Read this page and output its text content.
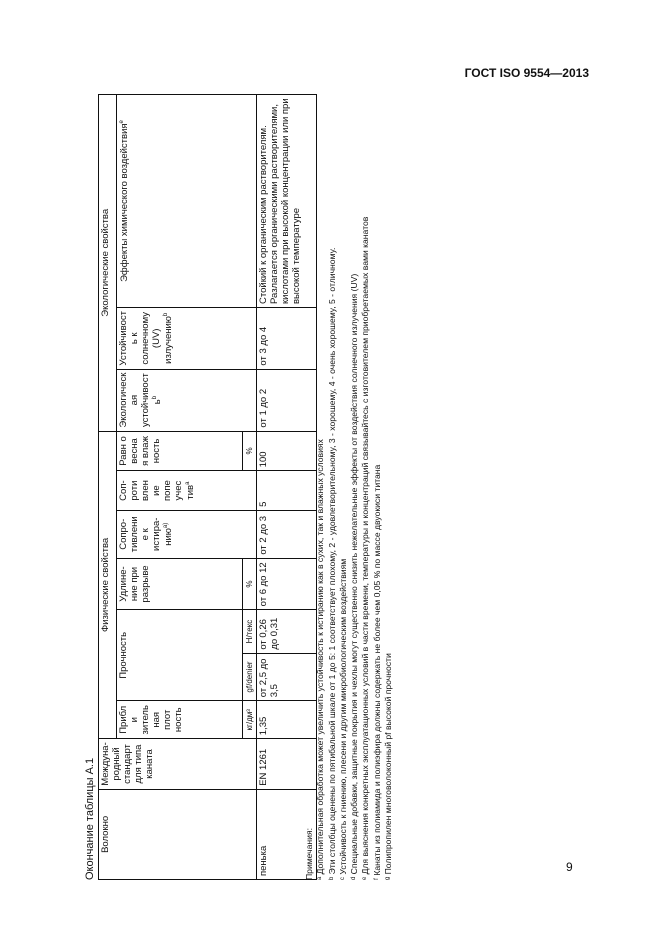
ГОСТ ISO 9554—2013
Окончание таблицы А.1 Волокно	Междуна-родный стандарт для типа каната	Физические свойства							Экологические свойства		
		Прибл и зитель ная плот ность	Прочность		Удлине-ние при разрыве	Сопро-тивлени е к истира-нию$^{a)}$	Соп-роти влен ие попе учес тив$^a$	Равн о весна я влаж ность	Экологическ ая устойчивост $ь^b$	Устойчивост ь к солнечному (UV) излучению$^b$	Эффекты химического воздействия$^e$
		кг/дм³	gf/denier	Н/текс	%			%			
пенька	EN 1261	1,35	от 2,5 до 3,5	от 0,26 до 0,31	от 6 до 12	от 2 до 3	5	100	от 1 до 2	от 3 до 4	Стойкий к органическим растворителям. Разлагается органическими растворителями, кислотами при высокой концентрации или при высокой температуре
Примечания: ᵃ Дополнительная обработка может увеличить устойчивость к истиранию как в сухих, так и влажных условиях ᵇ Эти столбцы оценены по пятибальной шкале от 1 до 5: 1 соответствует плохому, 2 - удовлетворительному, 3 - хорошему, 4 - очень хорошему, 5 - отличному. ᶜ Устойчивость к гниению, плесени и другим микробиологическим воздействиям ᵈ Специальные добавки, защитные покрытия и чехлы могут существенно снизить нежелательные эффекты от воздействия солнечного излучения (UV) ᵉ Для выяснения конкретных эксплуатационных условий в части времени, температуры и концентраций связывайтесь с изготовителем приобретаемых вами канатов ᶠ Канаты из полиамида и полиэфира должны содержать не более чем 0,05 % по массе двуокиси титана ᵍ Полипропилен многоволоконный pf высокой прочности	9
